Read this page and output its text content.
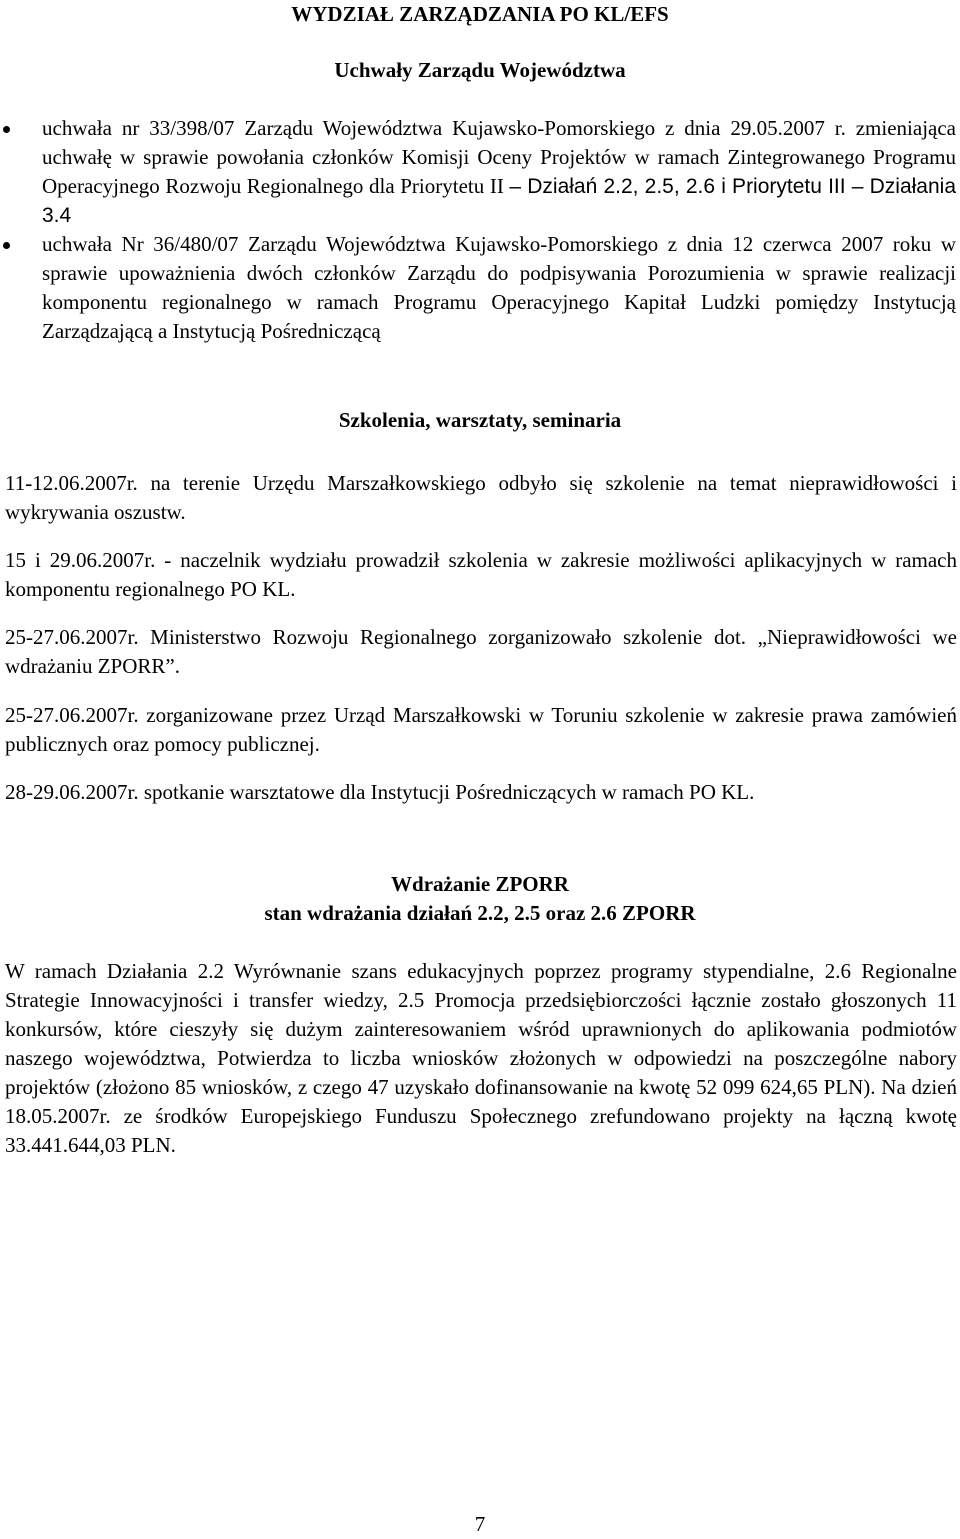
WYDZIAŁ ZARZĄDZANIA PO KL/EFS

Uchwały Zarządu Województwa

uchwała nr 33/398/07 Zarządu Województwa Kujawsko-Pomorskiego z dnia 29.05.2007 r. zmieniająca uchwałę w sprawie powołania członków Komisji Oceny Projektów w ramach Zintegrowanego Programu Operacyjnego Rozwoju Regionalnego dla Priorytetu II – Działań 2.2, 2.5, 2.6 i Priorytetu III – Działania 3.4

uchwała Nr 36/480/07 Zarządu Województwa Kujawsko-Pomorskiego z dnia 12 czerwca 2007 roku w sprawie upoważnienia dwóch członków Zarządu do podpisywania Porozumienia w sprawie realizacji komponentu regionalnego w ramach Programu Operacyjnego Kapitał Ludzki pomiędzy Instytucją Zarządzającą a Instytucją Pośredniczącą

Szkolenia, warsztaty, seminaria

11-12.06.2007r. na terenie Urzędu Marszałkowskiego odbyło się szkolenie na temat nieprawidłowości i wykrywania oszustw.

15 i 29.06.2007r. - naczelnik wydziału prowadził szkolenia w zakresie możliwości aplikacyjnych w ramach komponentu regionalnego PO KL.

25-27.06.2007r. Ministerstwo Rozwoju Regionalnego zorganizowało szkolenie dot. „Nieprawidłowości we wdrażaniu ZPORR”.

25-27.06.2007r. zorganizowane przez Urząd Marszałkowski w Toruniu szkolenie w zakresie prawa zamówień publicznych oraz pomocy publicznej.

28-29.06.2007r. spotkanie warsztatowe dla Instytucji Pośredniczących w ramach PO KL.

Wdrażanie ZPORR

stan wdrażania działań 2.2, 2.5 oraz 2.6 ZPORR

W ramach Działania 2.2 Wyrównanie szans edukacyjnych poprzez programy stypendialne, 2.6 Regionalne Strategie Innowacyjności i transfer wiedzy, 2.5 Promocja przedsiębiorczości łącznie zostało głoszonych 11 konkursów, które cieszyły się dużym zainteresowaniem wśród uprawnionych do aplikowania podmiotów naszego województwa, Potwierdza to liczba wniosków złożonych w odpowiedzi na poszczególne nabory projektów (złożono 85 wniosków, z czego 47 uzyskało dofinansowanie na kwotę 52 099 624,65 PLN). Na dzień 18.05.2007r. ze środków Europejskiego Funduszu Społecznego zrefundowano projekty na łączną kwotę 33.441.644,03 PLN.

7
